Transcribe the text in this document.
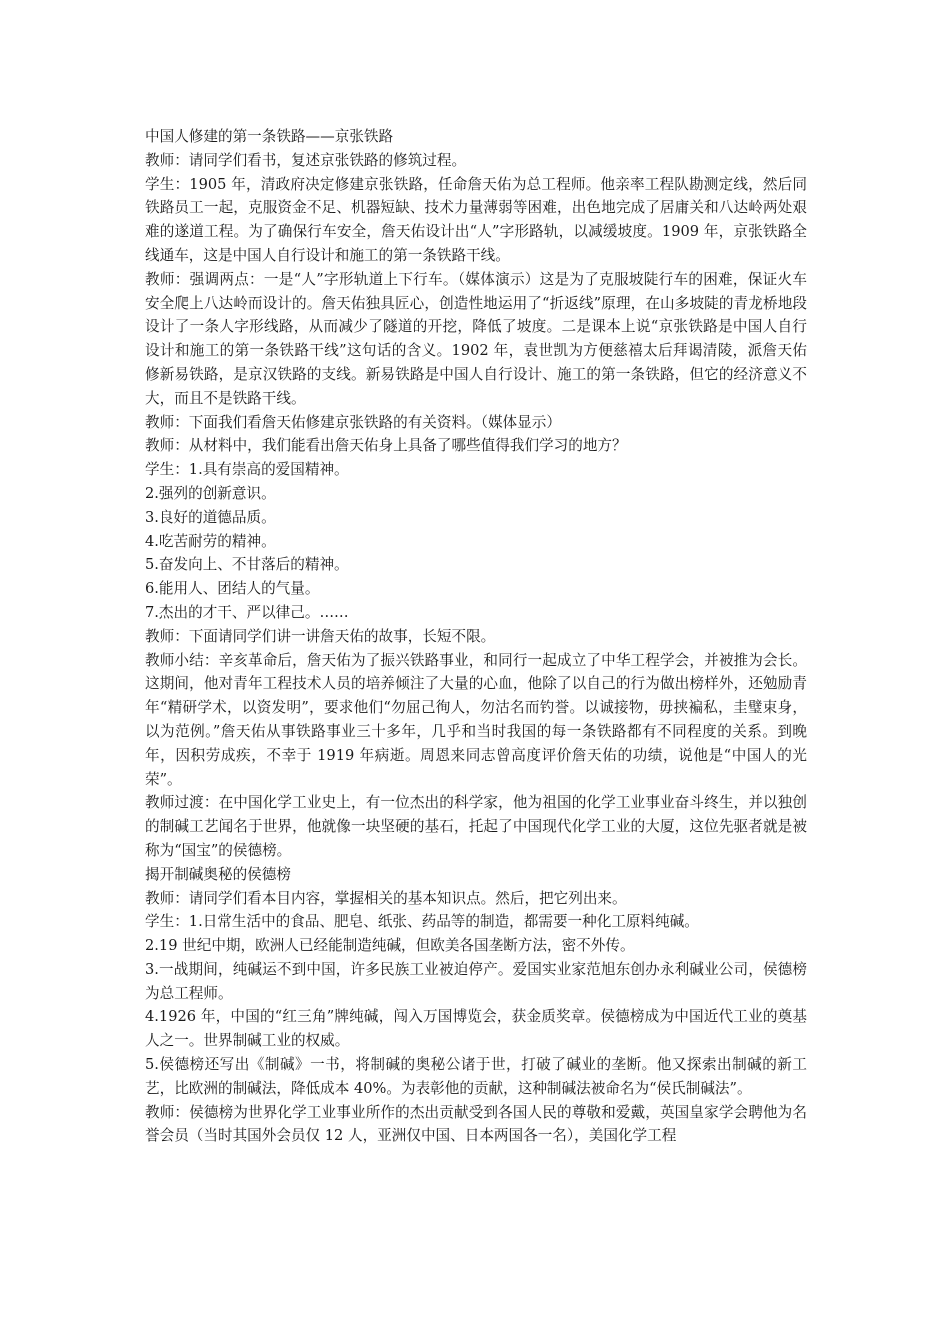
中国人修建的第一条铁路——京张铁路

教师：请同学们看书，复述京张铁路的修筑过程。

学生：1905 年，清政府决定修建京张铁路，任命詹天佑为总工程师。他亲率工程队勘测定线，然后同铁路员工一起，克服资金不足、机器短缺、技术力量薄弱等困难，出色地完成了居庸关和八达岭两处艰难的遂道工程。为了确保行车安全，詹天佑设计出“人”字形路轨，以减缓坡度。1909 年，京张铁路全线通车，这是中国人自行设计和施工的第一条铁路干线。

教师：强调两点：一是“人”字形轨道上下行车。（媒体演示）这是为了克服坡陡行车的困难，保证火车安全爬上八达岭而设计的。詹天佑独具匠心，创造性地运用了“折返线”原理，在山多坡陡的青龙桥地段设计了一条人字形线路，从而减少了隧道的开挖，降低了坡度。二是课本上说“京张铁路是中国人自行设计和施工的第一条铁路干线”这句话的含义。1902 年，袁世凯为方便慈禧太后拜谒清陵，派詹天佑修新易铁路，是京汉铁路的支线。新易铁路是中国人自行设计、施工的第一条铁路，但它的经济意义不大，而且不是铁路干线。

教师：下面我们看詹天佑修建京张铁路的有关资料。（媒体显示）

教师：从材料中，我们能看出詹天佑身上具备了哪些值得我们学习的地方？

学生：1.具有崇高的爱国精神。

2.强列的创新意识。

3.良好的道德品质。

4.吃苦耐劳的精神。

5.奋发向上、不甘落后的精神。

6.能用人、团结人的气量。

7.杰出的才干、严以律己。……

教师：下面请同学们讲一讲詹天佑的故事，长短不限。

教师小结：辛亥革命后，詹天佑为了振兴铁路事业，和同行一起成立了中华工程学会，并被推为会长。这期间，他对青年工程技术人员的培养倾注了大量的心血，他除了以自己的行为做出榜样外，还勉励青年“精研学术，以资发明”，要求他们“勿屈己徇人，勿沽名而钓誉。以诚接物，毋挟褊私，圭璧束身，以为范例。”詹天佑从事铁路事业三十多年，几乎和当时我国的每一条铁路都有不同程度的关系。到晚年，因积劳成疾，不幸于 1919 年病逝。周恩来同志曾高度评价詹天佑的功绩，说他是“中国人的光荣”。

教师过渡：在中国化学工业史上，有一位杰出的科学家，他为祖国的化学工业事业奋斗终生，并以独创的制碱工艺闻名于世界，他就像一块坚硬的基石，托起了中国现代化学工业的大厦，这位先驱者就是被称为“国宝”的侯德榜。

揭开制碱奥秘的侯德榜

教师：请同学们看本目内容，掌握相关的基本知识点。然后，把它列出来。

学生：1.日常生活中的食品、肥皂、纸张、药品等的制造，都需要一种化工原料纯碱。

2.19 世纪中期，欧洲人已经能制造纯碱，但欧美各国垄断方法，密不外传。

3.一战期间，纯碱运不到中国，许多民族工业被迫停产。爱国实业家范旭东创办永利碱业公司，侯德榜为总工程师。

4.1926 年，中国的“红三角”牌纯碱，闯入万国博览会，获金质奖章。侯德榜成为中国近代工业的奠基人之一。世界制碱工业的权威。

5.侯德榜还写出《制碱》一书，将制碱的奥秘公诸于世，打破了碱业的垄断。他又探索出制碱的新工艺，比欧洲的制碱法，降低成本 40%。为表彰他的贡献，这种制碱法被命名为“侯氏制碱法”。

教师：侯德榜为世界化学工业事业所作的杰出贡献受到各国人民的尊敬和爱戴，英国皇家学会聘他为名誉会员（当时其国外会员仅 12 人，亚洲仅中国、日本两国各一名），美国化学工程
